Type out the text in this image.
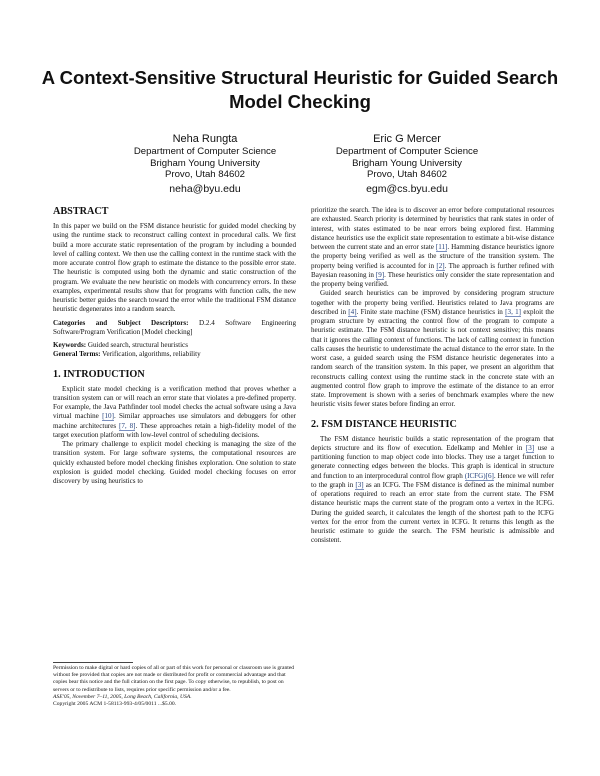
A Context-Sensitive Structural Heuristic for Guided Search Model Checking
Neha Rungta
Department of Computer Science
Brigham Young University
Provo, Utah 84602
neha@byu.edu
Eric G Mercer
Department of Computer Science
Brigham Young University
Provo, Utah 84602
egm@cs.byu.edu
ABSTRACT

In this paper we build on the FSM distance heuristic for guided model checking by using the runtime stack to reconstruct calling context in procedural calls. We first build a more accurate static representation of the program by including a bounded level of calling context. We then use the calling context in the runtime stack with the more accurate control flow graph to estimate the distance to the possible error state. The heuristic is computed using both the dynamic and static construction of the program. We evaluate the new heuristic on models with concurrency errors. In these examples, experimental results show that for programs with function calls, the new heuristic better guides the search toward the error while the traditional FSM distance heuristic degenerates into a random search.

Categories and Subject Descriptors: D.2.4 Software Engineering Software/Program Verification [Model checking]

Keywords: Guided search, structural heuristics

General Terms: Verification, algorithms, reliability

1. INTRODUCTION

Explicit state model checking is a verification method that proves whether a transition system can or will reach an error state that violates a pre-defined property. For example, the Java Pathfinder tool model checks the actual software using a Java virtual machine [10]. Similar approaches use simulators and debuggers for other machine architectures [7, 8]. These approaches retain a high-fidelity model of the target execution platform with low-level control of scheduling decisions.

The primary challenge to explicit model checking is managing the size of the transition system. For large software systems, the computational resources are quickly exhausted before model checking finishes exploration. One solution to state explosion is guided model checking. Guided model checking focuses on error discovery by using heuristics to

prioritize the search. The idea is to discover an error before computational resources are exhausted. Search priority is determined by heuristics that rank states in order of interest, with states estimated to be near errors being explored first. Hamming distance heuristics use the explicit state representation to estimate a bit-wise distance between the current state and an error state [11]. Hamming distance heuristics ignore the property being verified as well as the structure of the transition system. The property being verified is accounted for in [2]. The approach is further refined with Bayesian reasoning in [9]. These heuristics only consider the state representation and the property being verified.

Guided search heuristics can be improved by considering program structure together with the property being verified. Heuristics related to Java programs are described in [4]. Finite state machine (FSM) distance heuristics in [3, 1] exploit the program structure by extracting the control flow of the program to compute a heuristic estimate. The FSM distance heuristic is not context sensitive; this means that it ignores the calling context of functions. The lack of calling context in function calls causes the heuristic to underestimate the actual distance to the error state. In the worst case, a guided search using the FSM distance heuristic degenerates into a random search of the transition system. In this paper, we present an algorithm that reconstructs calling context using the runtime stack in the concrete state with an augmented control flow graph to improve the estimate of the distance to an error state. Improvement is shown with a series of benchmark examples where the new heuristic visits fewer states before finding an error.

2. FSM DISTANCE HEURISTIC

The FSM distance heuristic builds a static representation of the program that depicts structure and its flow of execution. Edelkamp and Mehler in [3] use a partitioning function to map object code into blocks. They use a target function to generate connecting edges between the blocks. This graph is identical in structure and function to an interprocedural control flow graph (ICFG)[6]. Hence we will refer to the graph in [3] as an ICFG. The FSM distance is defined as the minimal number of operations required to reach an error state from the current state. The FSM distance heuristic maps the current state of the program onto a vertex in the ICFG. During the guided search, it calculates the length of the shortest path to the ICFG vertex for the error from the current vertex in ICFG. It returns this length as the heuristic estimate to guide the search. The FSM heuristic is admissible and consistent.

Permission to make digital or hard copies of all or part of this work for personal or classroom use is granted without fee provided that copies are not made or distributed for profit or commercial advantage and that copies bear this notice and the full citation on the first page. To copy otherwise, to republish, to post on servers or to redistribute to lists, requires prior specific permission and/or a fee.
ASE'05, November 7–11, 2005, Long Beach, California, USA.
Copyright 2005 ACM 1-58113-993-4/05/0011 ...$5.00.
